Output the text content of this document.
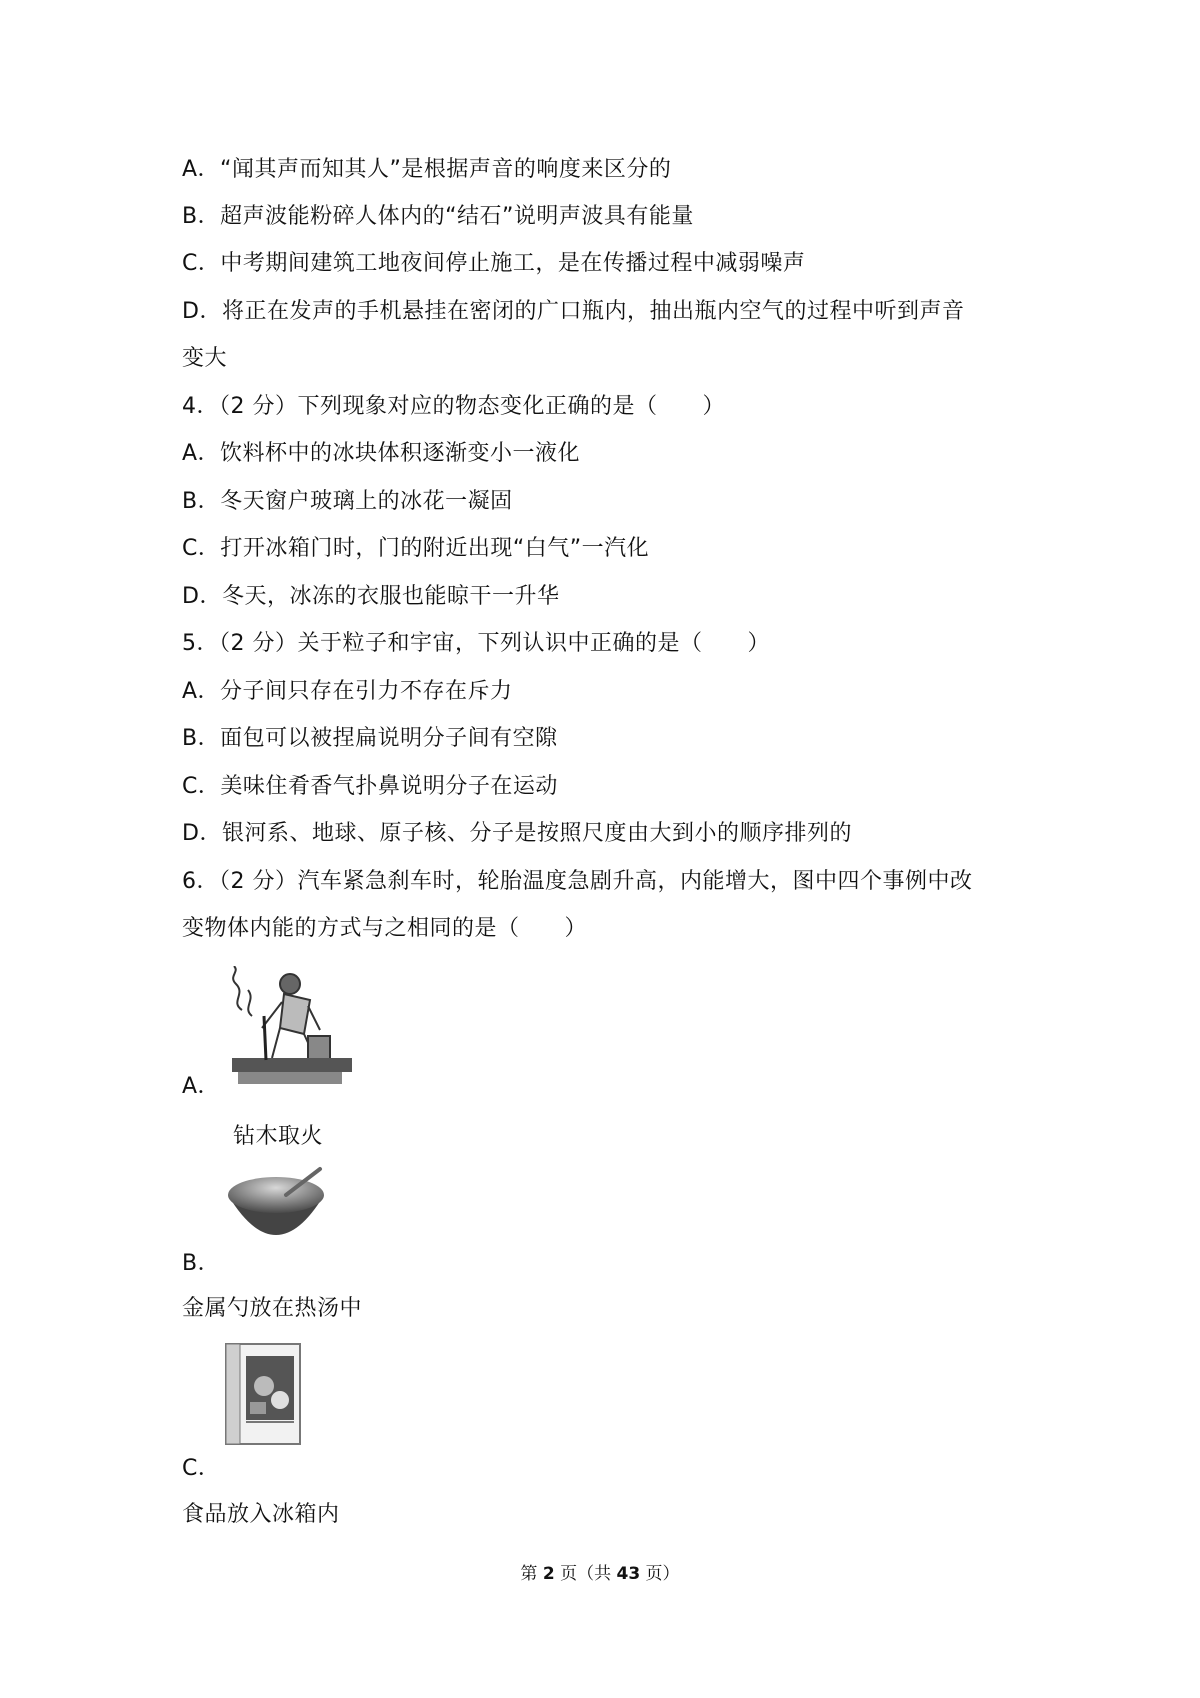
A．“闻其声而知其人”是根据声音的响度来区分的
B．超声波能粉碎人体内的“结石”说明声波具有能量
C．中考期间建筑工地夜间停止施工，是在传播过程中减弱噪声
D．将正在发声的手机悬挂在密闭的广口瓶内，抽出瓶内空气的过程中听到声音
变大
4．（2 分）下列现象对应的物态变化正确的是（　　）
A．饮料杯中的冰块体积逐渐变小一液化
B．冬天窗户玻璃上的冰花一凝固
C．打开冰箱门时，门的附近出现“白气”一汽化
D．冬天，冰冻的衣服也能晾干一升华
5．（2 分）关于粒子和宇宙，下列认识中正确的是（　　）
A．分子间只存在引力不存在斥力
B．面包可以被捏扁说明分子间有空隙
C．美味住肴香气扑鼻说明分子在运动
D．银河系、地球、原子核、分子是按照尺度由大到小的顺序排列的
6．（2 分）汽车紧急刹车时，轮胎温度急剧升高，内能增大，图中四个事例中改
变物体内能的方式与之相同的是（　　）
A．
钻木取火
B．
金属勺放在热汤中
C．
食品放入冰箱内
第 2 页（共 43 页）
